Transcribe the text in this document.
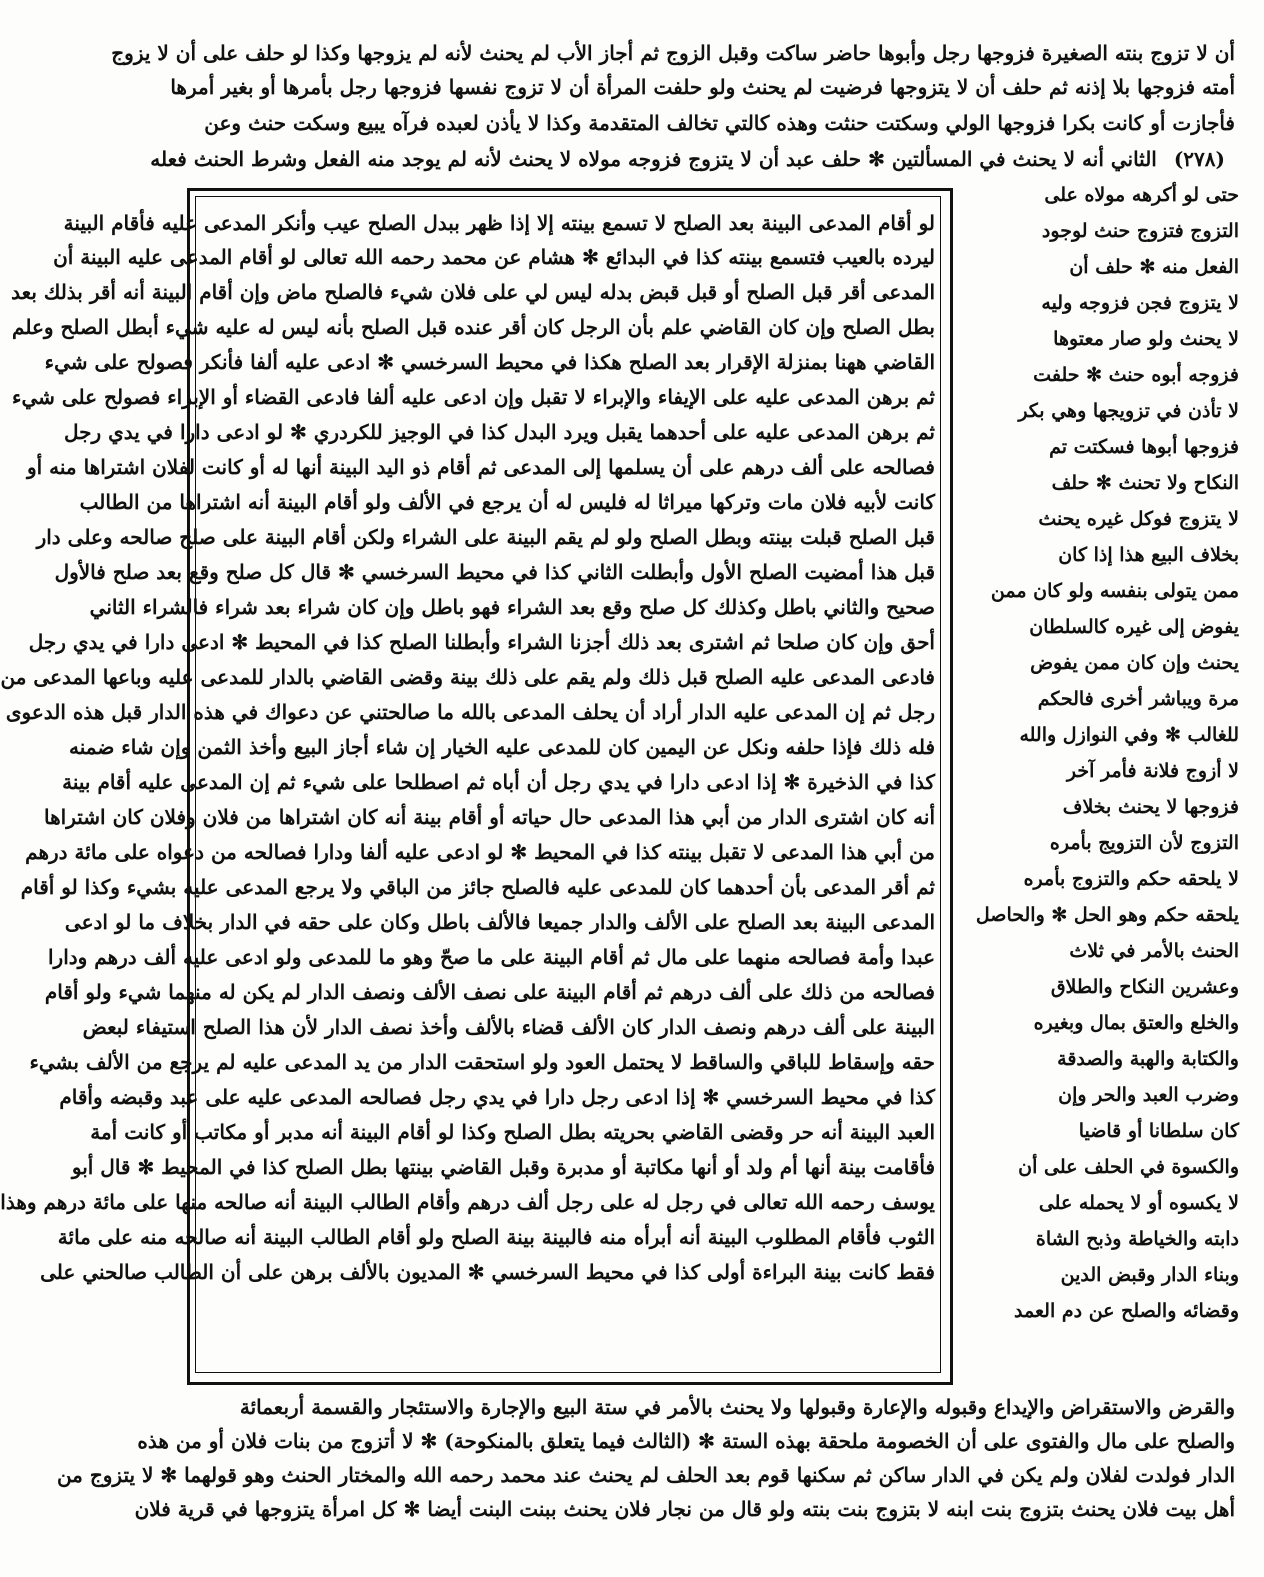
أن لا تزوج بنته الصغيرة فزوجها رجل وأبوها حاضر ساكت وقبل الزوج ثم أجاز الأب لم يحنث لأنه لم يزوجها وكذا لو حلف على أن لا يزوج
أمته فزوجها بلا إذنه ثم حلف أن لا يتزوجها فرضيت لم يحنث ولو حلفت المرأة أن لا تزوج نفسها فزوجها رجل بأمرها أو بغير أمرها
فأجازت أو كانت بكرا فزوجها الولي وسكتت حنثت وهذه كالتي تخالف المتقدمة وكذا لا يأذن لعبده فرآه يبيع وسكت حنث وعن
(٢٧٨) الثاني أنه لا يحنث في المسألتين ✻ حلف عبد أن لا يتزوج فزوجه مولاه لا يحنث لأنه لم يوجد منه الفعل وشرط الحنث فعله
لو أقام المدعى البينة بعد الصلح لا تسمع بينته إلا إذا ظهر ببدل الصلح عيب وأنكر المدعى عليه فأقام البينة
ليرده بالعيب فتسمع بينته كذا في البدائع ✻ هشام عن محمد رحمه الله تعالى لو أقام المدعى عليه البينة أن
المدعى أقر قبل الصلح أو قبل قبض بدله ليس لي على فلان شيء فالصلح ماض وإن أقام البينة أنه أقر بذلك بعد
بطل الصلح وإن كان القاضي علم بأن الرجل كان أقر عنده قبل الصلح بأنه ليس له عليه شيء أبطل الصلح وعلم
القاضي ههنا بمنزلة الإقرار بعد الصلح هكذا في محيط السرخسي ✻ ادعى عليه ألفا فأنكر فصولح على شيء
ثم برهن المدعى عليه على الإيفاء والإبراء لا تقبل وإن ادعى عليه ألفا فادعى القضاء أو الإبراء فصولح على شيء
ثم برهن المدعى عليه على أحدهما يقبل ويرد البدل كذا في الوجيز للكردري ✻ لو ادعى دارا في يدي رجل
فصالحه على ألف درهم على أن يسلمها إلى المدعى ثم أقام ذو اليد البينة أنها له أو كانت لفلان اشتراها منه أو
كانت لأبيه فلان مات وتركها ميراثا له فليس له أن يرجع في الألف ولو أقام البينة أنه اشتراها من الطالب
قبل الصلح قبلت بينته وبطل الصلح ولو لم يقم البينة على الشراء ولكن أقام البينة على صلح صالحه وعلى دار
قبل هذا أمضيت الصلح الأول وأبطلت الثاني كذا في محيط السرخسي ✻ قال كل صلح وقع بعد صلح فالأول
صحيح والثاني باطل وكذلك كل صلح وقع بعد الشراء فهو باطل وإن كان شراء بعد شراء فالشراء الثاني
أحق وإن كان صلحا ثم اشترى بعد ذلك أجزنا الشراء وأبطلنا الصلح كذا في المحيط ✻ ادعى دارا في يدي رجل
فادعى المدعى عليه الصلح قبل ذلك ولم يقم على ذلك بينة وقضى القاضي بالدار للمدعى عليه وباعها المدعى من
رجل ثم إن المدعى عليه الدار أراد أن يحلف المدعى بالله ما صالحتني عن دعواك في هذه الدار قبل هذه الدعوى
فله ذلك فإذا حلفه ونكل عن اليمين كان للمدعى عليه الخيار إن شاء أجاز البيع وأخذ الثمن وإن شاء ضمنه
كذا في الذخيرة ✻ إذا ادعى دارا في يدي رجل أن أباه ثم اصطلحا على شيء ثم إن المدعى عليه أقام بينة
أنه كان اشترى الدار من أبي هذا المدعى حال حياته أو أقام بينة أنه كان اشتراها من فلان وفلان كان اشتراها
من أبي هذا المدعى لا تقبل بينته كذا في المحيط ✻ لو ادعى عليه ألفا ودارا فصالحه من دعواه على مائة درهم
ثم أقر المدعى بأن أحدهما كان للمدعى عليه فالصلح جائز من الباقي ولا يرجع المدعى عليه بشيء وكذا لو أقام
المدعى البينة بعد الصلح على الألف والدار جميعا فالألف باطل وكان على حقه في الدار بخلاف ما لو ادعى
عبدا وأمة فصالحه منهما على مال ثم أقام البينة على ما صحّ وهو ما للمدعى ولو ادعى عليه ألف درهم ودارا
فصالحه من ذلك على ألف درهم ثم أقام البينة على نصف الألف ونصف الدار لم يكن له منهما شيء ولو أقام
البينة على ألف درهم ونصف الدار كان الألف قضاء بالألف وأخذ نصف الدار لأن هذا الصلح استيفاء لبعض
حقه وإسقاط للباقي والساقط لا يحتمل العود ولو استحقت الدار من يد المدعى عليه لم يرجع من الألف بشيء
كذا في محيط السرخسي ✻ إذا ادعى رجل دارا في يدي رجل فصالحه المدعى عليه على عبد وقبضه وأقام
العبد البينة أنه حر وقضى القاضي بحريته بطل الصلح وكذا لو أقام البينة أنه مدبر أو مكاتب أو كانت أمة
فأقامت بينة أنها أم ولد أو أنها مكاتبة أو مدبرة وقبل القاضي بينتها بطل الصلح كذا في المحيط ✻ قال أبو
يوسف رحمه الله تعالى في رجل له على رجل ألف درهم وأقام الطالب البينة أنه صالحه منها على مائة درهم وهذا
الثوب فأقام المطلوب البينة أنه أبرأه منه فالبينة بينة الصلح ولو أقام الطالب البينة أنه صالحه منه على مائة
فقط كانت بينة البراءة أولى كذا في محيط السرخسي ✻ المديون بالألف برهن على أن الطالب صالحني على
حتى لو أكرهه مولاه على
التزوج فتزوج حنث لوجود
الفعل منه ✻ حلف أن
لا يتزوج فجن فزوجه وليه
لا يحنث ولو صار معتوها
فزوجه أبوه حنث ✻ حلفت
لا تأذن في تزويجها وهي بكر
فزوجها أبوها فسكتت تم
النكاح ولا تحنث ✻ حلف
لا يتزوج فوكل غيره يحنث
بخلاف البيع هذا إذا كان
ممن يتولى بنفسه ولو كان ممن
يفوض إلى غيره كالسلطان
يحنث وإن كان ممن يفوض
مرة ويباشر أخرى فالحكم
للغالب ✻ وفي النوازل والله
لا أزوج فلانة فأمر آخر
فزوجها لا يحنث بخلاف
التزوج لأن التزويج بأمره
لا يلحقه حكم والتزوج بأمره
يلحقه حكم وهو الحل ✻ والحاصل
الحنث بالأمر في ثلاث
وعشرين النكاح والطلاق
والخلع والعتق بمال وبغيره
والكتابة والهبة والصدقة
وضرب العبد والحر وإن
كان سلطانا أو قاضيا
والكسوة في الحلف على أن
لا يكسوه أو لا يحمله على
دابته والخياطة وذبح الشاة
وبناء الدار وقبض الدين
وقضائه والصلح عن دم العمد
والقرض والاستقراض والإيداع وقبوله والإعارة وقبولها ولا يحنث بالأمر في ستة البيع والإجارة والاستئجار والقسمة أربعمائة
والصلح على مال والفتوى على أن الخصومة ملحقة بهذه الستة ✻ (الثالث فيما يتعلق بالمنكوحة) ✻ لا أتزوج من بنات فلان أو من هذه
الدار فولدت لفلان ولم يكن في الدار ساكن ثم سكنها قوم بعد الحلف لم يحنث عند محمد رحمه الله والمختار الحنث وهو قولهما ✻ لا يتزوج من
أهل بيت فلان يحنث بتزوج بنت ابنه لا بتزوج بنت بنته ولو قال من نجار فلان يحنث ببنت البنت أيضا ✻ كل امرأة يتزوجها في قرية فلان
